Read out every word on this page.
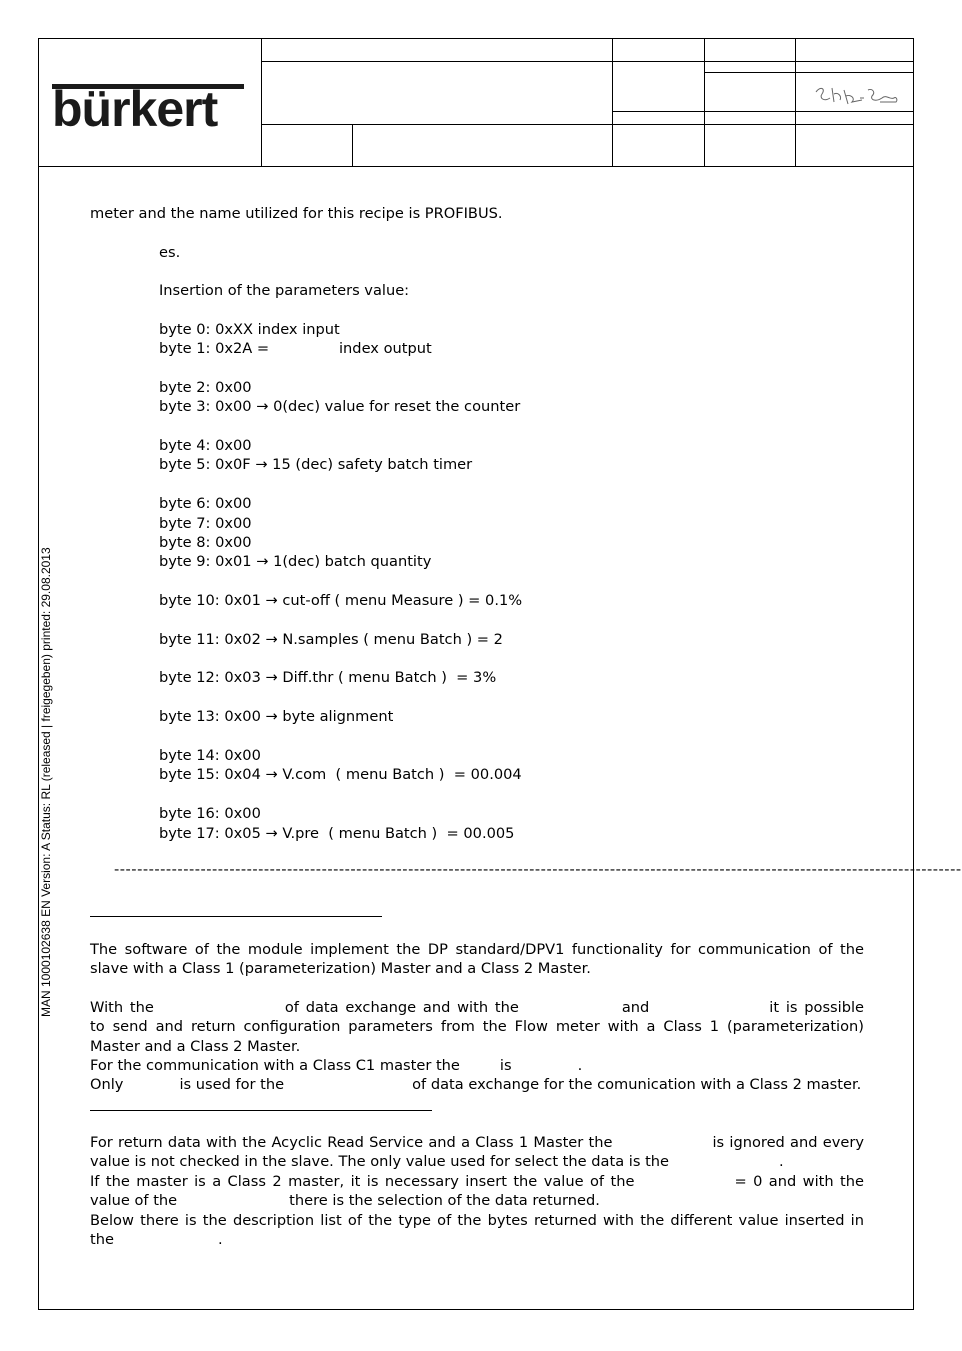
bürkert
MAN 1000102638 EN Version: A Status: RL (released | freigegeben) printed: 29.08.2013
meter and the name utilized for this recipe is PROFIBUS.
es.
Insertion of the parameters value:
byte 0: 0xXX index input
byte 1: 0x2A =	index output
byte 2: 0x00
byte 3: 0x00 → 0(dec) value for reset the counter
byte 4: 0x00
byte 5: 0x0F → 15 (dec) safety batch timer
byte 6: 0x00
byte 7: 0x00
byte 8: 0x00
byte 9: 0x01 → 1(dec) batch quantity
byte 10: 0x01 → cut-off ( menu Measure ) = 0.1%
byte 11: 0x02 → N.samples ( menu Batch ) = 2
byte 12: 0x03 → Diff.thr ( menu Batch )  = 3%
byte 13: 0x00 → byte alignment
byte 14: 0x00
byte 15: 0x04 → V.com  ( menu Batch )  = 00.004
byte 16: 0x00
byte 17: 0x05 → V.pre  ( menu Batch )  = 00.005
---------------------------------------------------------------------------------------------------------------------------------------------------
The software of the module implement the DP standard/DPV1 functionality for communication of the slave with a Class 1 (parameterization) Master and a Class 2 Master.
With the	of data exchange and with the	and	it is possible to send and return configuration parameters from the Flow meter with a Class 1 (parameterization) Master and a Class 2 Master.
For the communication with a Class C1 master the	is	.
Only	is used for the	of data exchange for the comunication with a Class 2 master.
For return data with the Acyclic Read Service and a Class 1 Master the	is ignored and every value is not checked in the slave. The only value used for select the data is the	.
If the master is a Class 2 master, it is necessary insert the value of the	= 0 and with the value of the	there is the selection of the data returned.
Below there is the description list of the type of the bytes returned with the different value inserted in the	.
